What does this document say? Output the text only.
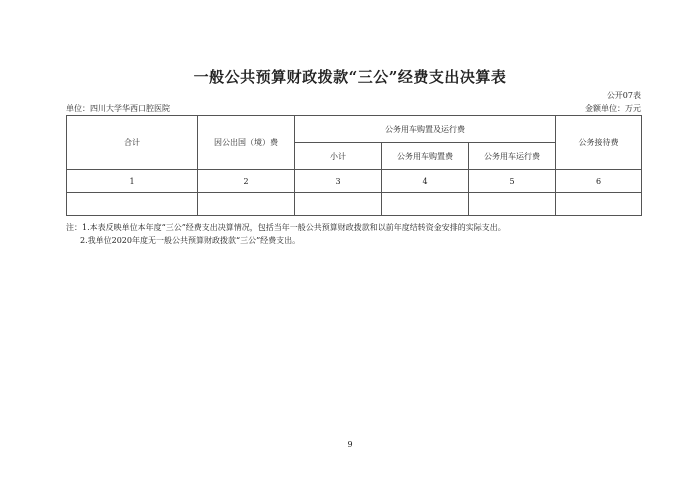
一般公共预算财政拨款“三公”经费支出决算表
公开07表
单位：四川大学华西口腔医院	金额单位：万元
合计	因公出国（境）费	公务用车购置及运行费			公务接待费
		小计	公务用车购置费	公务用车运行费	
1	2	3	4	5	6

注：1.本表反映单位本年度“三公”经费支出决算情况，包括当年一般公共预算财政拨款和以前年度结转资金安排的实际支出。
2.我单位2020年度无一般公共预算财政拨款“三公”经费支出。
9
